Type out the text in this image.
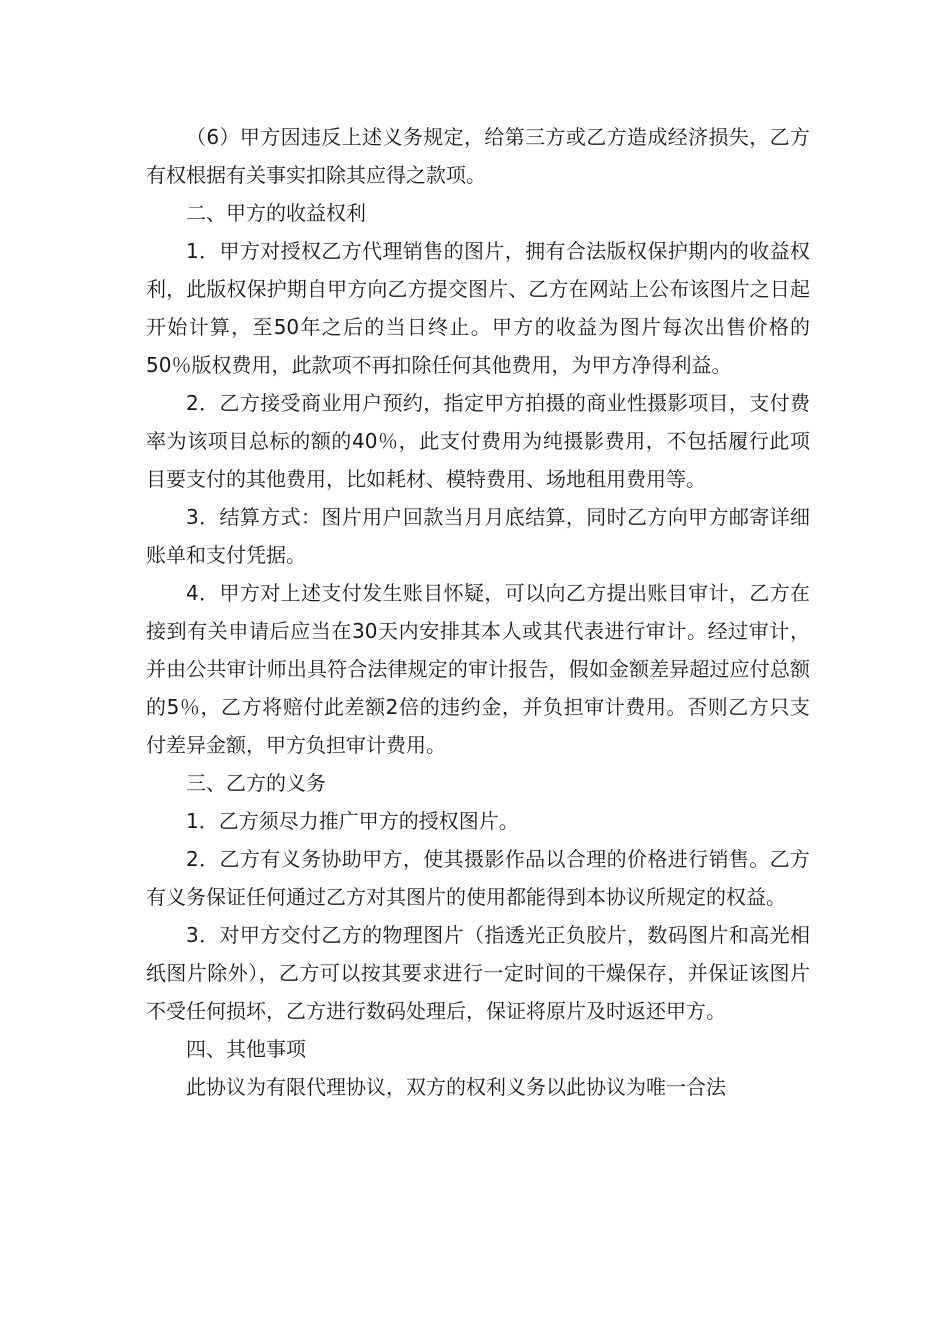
（6）甲方因违反上述义务规定，给第三方或乙方造成经济损失，乙方有权根据有关事实扣除其应得之款项。

二、甲方的收益权利

1．甲方对授权乙方代理销售的图片，拥有合法版权保护期内的收益权利，此版权保护期自甲方向乙方提交图片、乙方在网站上公布该图片之日起开始计算，至50年之后的当日终止。甲方的收益为图片每次出售价格的50％版权费用，此款项不再扣除任何其他费用，为甲方净得利益。

2．乙方接受商业用户预约，指定甲方拍摄的商业性摄影项目，支付费率为该项目总标的额的40％，此支付费用为纯摄影费用，不包括履行此项目要支付的其他费用，比如耗材、模特费用、场地租用费用等。

3．结算方式：图片用户回款当月月底结算，同时乙方向甲方邮寄详细账单和支付凭据。

4．甲方对上述支付发生账目怀疑，可以向乙方提出账目审计，乙方在接到有关申请后应当在30天内安排其本人或其代表进行审计。经过审计，并由公共审计师出具符合法律规定的审计报告，假如金额差异超过应付总额的5％，乙方将赔付此差额2倍的违约金，并负担审计费用。否则乙方只支付差异金额，甲方负担审计费用。

三、乙方的义务

1．乙方须尽力推广甲方的授权图片。

2．乙方有义务协助甲方，使其摄影作品以合理的价格进行销售。乙方有义务保证任何通过乙方对其图片的使用都能得到本协议所规定的权益。

3．对甲方交付乙方的物理图片（指透光正负胶片，数码图片和高光相纸图片除外），乙方可以按其要求进行一定时间的干燥保存，并保证该图片不受任何损坏，乙方进行数码处理后，保证将原片及时返还甲方。

四、其他事项

此协议为有限代理协议，双方的权利义务以此协议为唯一合法
